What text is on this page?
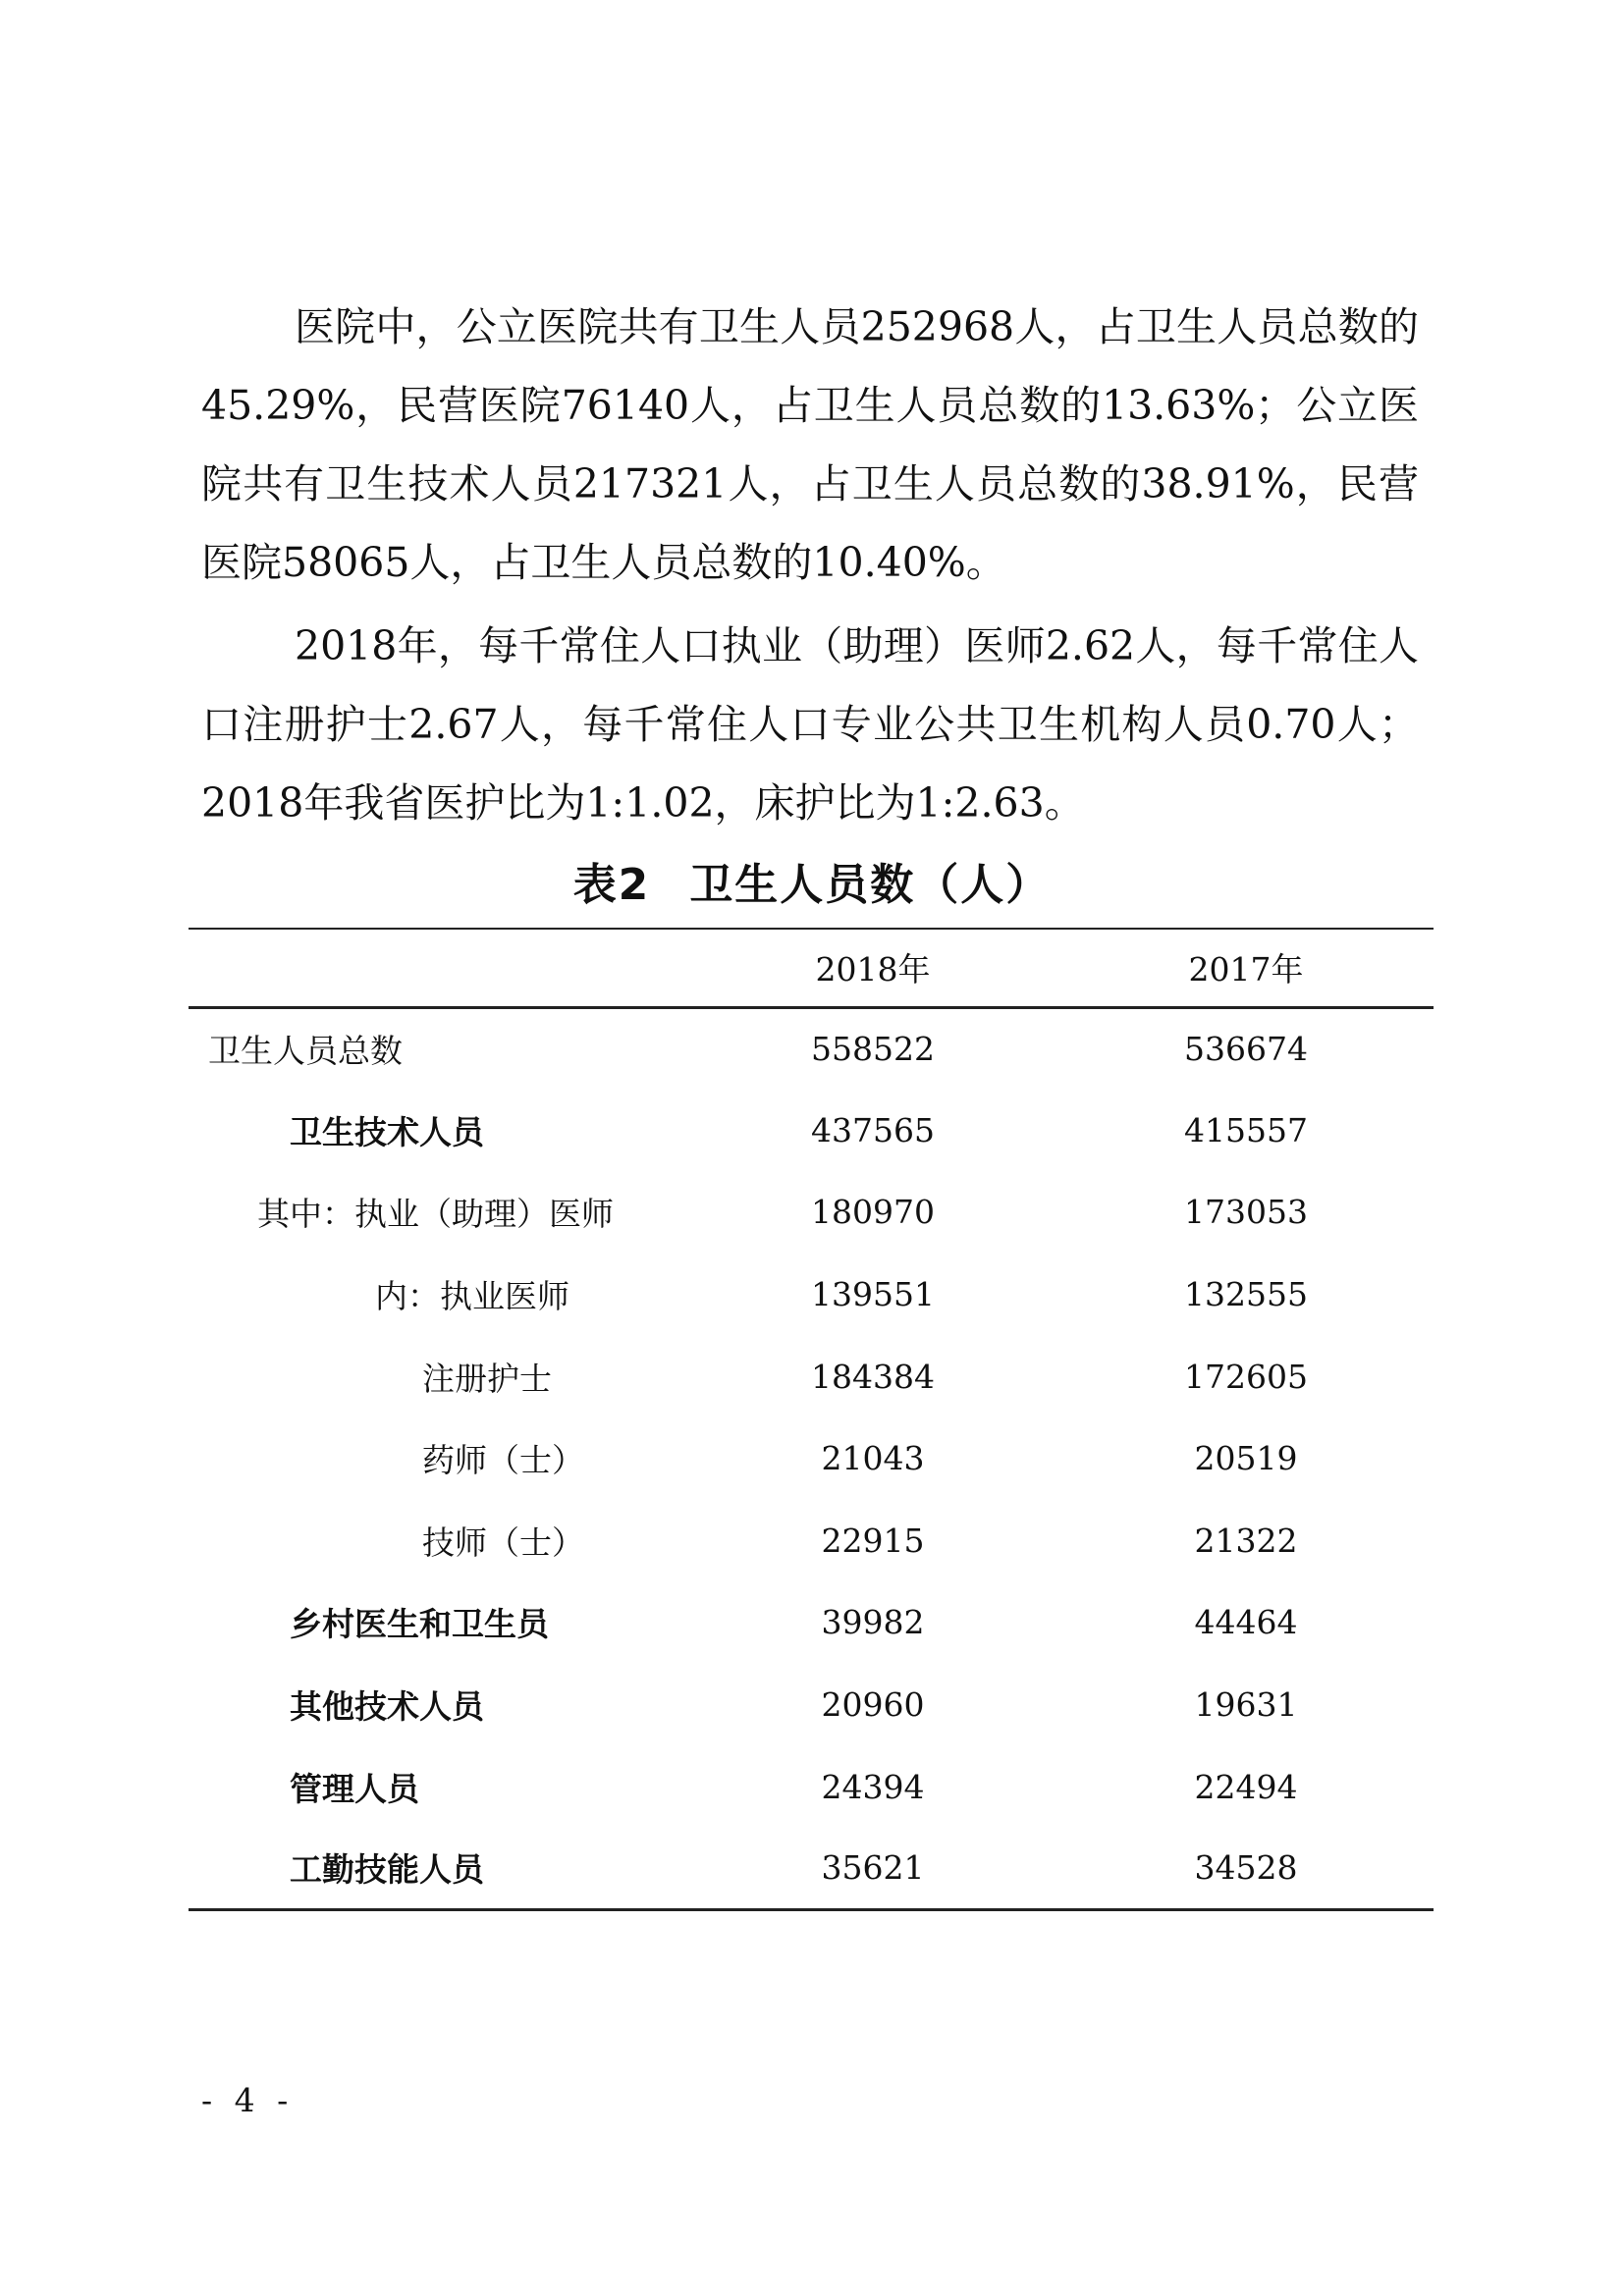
医院中，公立医院共有卫生人员252968人，占卫生人员总数的45.29%，民营医院76140人，占卫生人员总数的13.63%；公立医院共有卫生技术人员217321人，占卫生人员总数的38.91%，民营医院58065人，占卫生人员总数的10.40%。

2018年，每千常住人口执业（助理）医师2.62人，每千常住人口注册护士2.67人，每千常住人口专业公共卫生机构人员0.70人；2018年我省医护比为1:1.02，床护比为1:2.63。

表2 卫生人员数（人）
	2018年	2017年
卫生人员总数	558522	536674
卫生技术人员	437565	415557
其中：执业（助理）医师	180970	173053
内：执业医师	139551	132555
注册护士	184384	172605
药师（士）	21043	20519
技师（士）	22915	21322
乡村医生和卫生员	39982	44464
其他技术人员	20960	19631
管理人员	24394	22494
工勤技能人员	35621	34528
- 4 -
